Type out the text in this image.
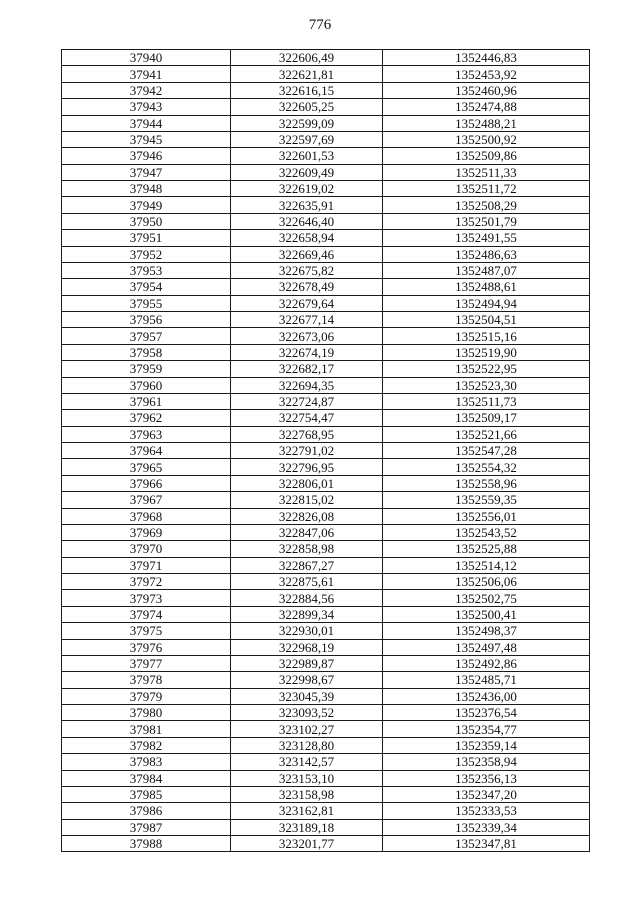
776
37940	322606,49	1352446,83
37941	322621,81	1352453,92
37942	322616,15	1352460,96
37943	322605,25	1352474,88
37944	322599,09	1352488,21
37945	322597,69	1352500,92
37946	322601,53	1352509,86
37947	322609,49	1352511,33
37948	322619,02	1352511,72
37949	322635,91	1352508,29
37950	322646,40	1352501,79
37951	322658,94	1352491,55
37952	322669,46	1352486,63
37953	322675,82	1352487,07
37954	322678,49	1352488,61
37955	322679,64	1352494,94
37956	322677,14	1352504,51
37957	322673,06	1352515,16
37958	322674,19	1352519,90
37959	322682,17	1352522,95
37960	322694,35	1352523,30
37961	322724,87	1352511,73
37962	322754,47	1352509,17
37963	322768,95	1352521,66
37964	322791,02	1352547,28
37965	322796,95	1352554,32
37966	322806,01	1352558,96
37967	322815,02	1352559,35
37968	322826,08	1352556,01
37969	322847,06	1352543,52
37970	322858,98	1352525,88
37971	322867,27	1352514,12
37972	322875,61	1352506,06
37973	322884,56	1352502,75
37974	322899,34	1352500,41
37975	322930,01	1352498,37
37976	322968,19	1352497,48
37977	322989,87	1352492,86
37978	322998,67	1352485,71
37979	323045,39	1352436,00
37980	323093,52	1352376,54
37981	323102,27	1352354,77
37982	323128,80	1352359,14
37983	323142,57	1352358,94
37984	323153,10	1352356,13
37985	323158,98	1352347,20
37986	323162,81	1352333,53
37987	323189,18	1352339,34
37988	323201,77	1352347,81
